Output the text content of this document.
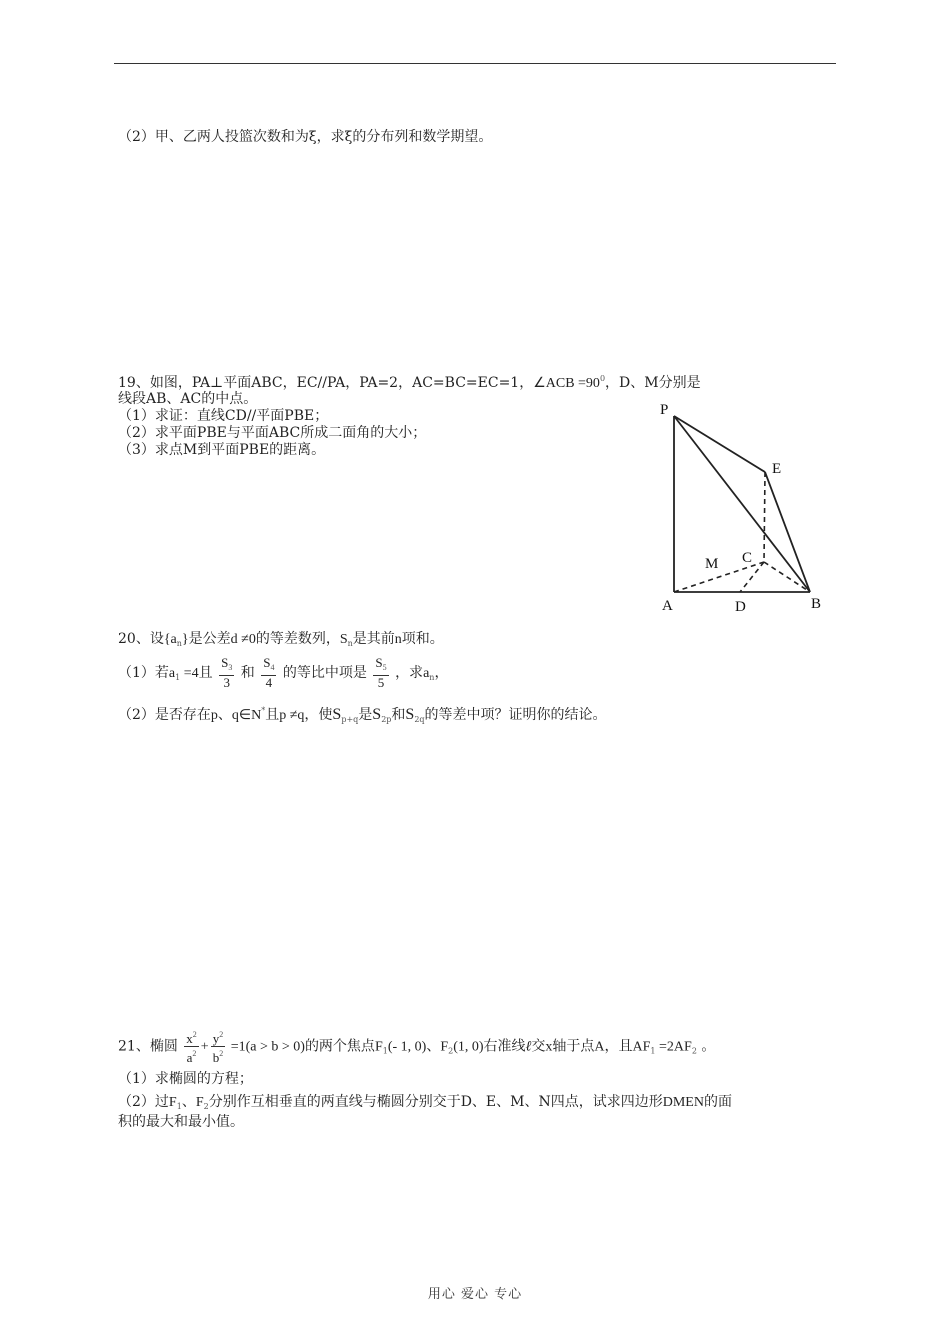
（2）甲、乙两人投篮次数和为ξ，求ξ的分布列和数学期望。
19、如图，PA⊥平面ABC，EC//PA，PA=2，AC=BC=EC=1，∠ACB $=90^0$，D、M分别是
线段AB、AC的中点。
（1）求证：直线CD//平面PBE；
（2）求平面PBE与平面ABC所成二面角的大小；
（3）求点M到平面PBE的距离。
P
E
M C
A	D	B
20、设$\{a_n\}$是公差d ≠0的等差数列，$S_n$是其前n项和。
（1）若$a_1 =4$且 $\frac{S_3}{3}$ 和 $\frac{S_4}{4}$ 的等比中项是 $\frac{S_5}{5}$ ，求$a_n$，
（2）是否存在p、q∈N*且p ≠q，使$S_{p+q}$是$S_{2p}$和$S_{2q}$的等差中项？证明你的结论。
21、椭圆 $\frac{x^2}{a^2} + \frac{y^2}{b^2} =1(a > b > 0)$的两个焦点$F_1(-$ 1, 0)、$F_2(1$, 0)右准线ℓ交x轴于点A，且$AF_1 =2AF_2$ 。
（1）求椭圆的方程；
（2）过$F_1$、$F_2$分别作互相垂直的两直线与椭圆分别交于D、E、M、N四点，试求四边形DMEN的面
积的最大和最小值。
用心 爱心 专心
